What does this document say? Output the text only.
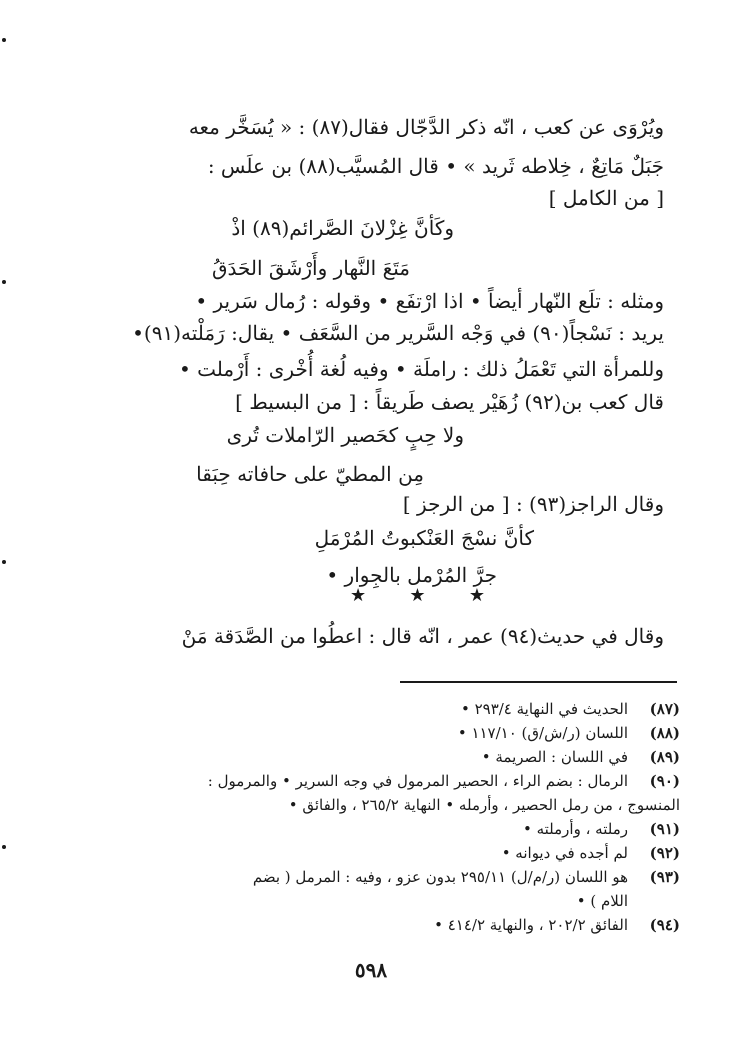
ويُرْوَى عن كعب ، انّه ذكر الدَّجّال فقال(٨٧) : « يُسَخَّر معه
جَبَلٌ مَاتِعٌ ، خِلاطه ثَريد » • قال المُسيَّب(٨٨) بن علَس :
[ من الكامل ]
وكَأنَّ غِزْلانَ الصَّرائم(٨٩) اذْ
مَتَعَ النَّهار وأَرْشَقَ الحَدَقُ
ومثله : تلَع النّهار أيضاً • اذا ارْتفَع • وقوله : رُمال سَرير •
يريد : نَسْجاً(٩٠) في وَجْه السَّرير من السَّعَف • يقال: رَمَلْته(٩١)•
وللمرأة التي تَعْمَلُ ذلك : راملَة • وفيه لُغة أُخْرى : أَرْملت •
قال كعب بن(٩٢) زُهَيْر يصف طَريقاً : [ من البسيط ]
ولا حِبٍ كحَصير الرّاملات تُرى
مِن المطيّ على حافاته حِبَقا
وقال الراجز(٩٣) : [ من الرجز ]
كأنَّ نسْجَ العَنْكبوتُ المُرْمَلِ
جرَّ المُرْمل بالجِوار •
★ ★ ★
وقال في حديث(٩٤) عمر ، انّه قال : اعطُوا من الصَّدَقة مَنْ
(٨٧)
الحديث في النهاية ٢٩٣/٤ •
(٨٨)
اللسان (ر/ش/ق) ١١٧/١٠ •
(٨٩)
في اللسان : الصريمة •
(٩٠)
الرمال : بضم الراء ، الحصير المرمول في وجه السرير • والمرمول :
المنسوج ، من رمل الحصير ، وأرمله • النهاية ٢٦٥/٢ ، والفائق •
(٩١)
رملته ، وأرملته •
(٩٢)
لم أجده في ديوانه •
(٩٣)
هو اللسان (ر/م/ل) ٢٩٥/١١ بدون عزو ، وفيه : المرمل ( بضم
اللام ) •
(٩٤)
الفائق ٢٠٢/٢ ، والنهاية ٤١٤/٢ •
٥٩٨
